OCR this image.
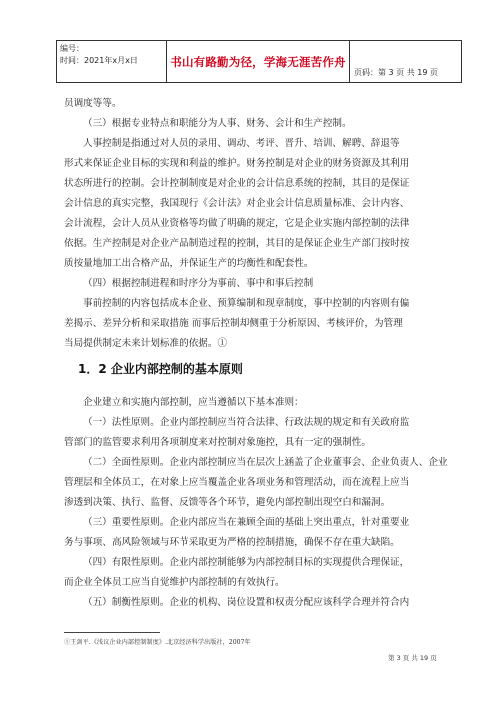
编号：
时间：2021年x月x日	书山有路勤为径，学海无涯苦作舟
页码：第 3 页 共 19 页

员调度等等。

（三）根据专业特点和职能分为人事、财务、会计和生产控制。

人事控制是指通过对人员的录用、调动、考评、晋升、培训、解聘、辞退等

形式来保证企业目标的实现和利益的维护。财务控制是对企业的财务资源及其利用

状态所进行的控制。会计控制制度是对企业的会计信息系统的控制，其目的是保证

会计信息的真实完整，我国现行《会计法》对企业会计信息质量标准、会计内容、

会计流程，会计人员从业资格等均做了明确的规定，它是企业实施内部控制的法律

依据。生产控制是对企业产品制造过程的控制，其目的是保证企业生产部门按时按

质按量地加工出合格产品，并保证生产的均衡性和配套性。

（四）根据控制进程和时序分为事前、事中和事后控制

事前控制的内容包括成本企业、预算编制和现章制度，事中控制的内容则有偏

差揭示、差异分析和采取措施 而事后控制却侧重于分析原因、考核评价，为管理

当局提供制定未来计划标准的依据。①

1．2 企业内部控制的基本原则

企业建立和实施内部控制，应当遵循以下基本准则：

（一）法性原则。企业内部控制应当符合法律、行政法规的规定和有关政府监

管部门的监管要求利用各项制度来对控制对象施控，具有一定的强制性。

（二）全面性原则。企业内部控制应当在层次上涵盖了企业董事会、企业负责人、企业

管理层和全体员工，在对象上应当覆盖企业各项业务和管理活动，而在流程上应当

渗透到决策、执行、监督、反馈等各个环节，避免内部控制出现空白和漏洞。

（三）重要性原则。企业内部应当在兼顾全面的基础上突出重点，针对重要业

务与事项、高风险领域与环节采取更为严格的控制措施，确保不存在重大缺陷。

（四）有限性原则。企业内部控制能够为内部控制目标的实现提供合理保证，

而企业全体员工应当自觉维护内部控制的有效执行。

（五）制衡性原则。企业的机构、岗位设置和权责分配应该科学合理并符合内

①王剑平.《浅议企业内部控制制度》.北京经济科学出版社，2007年
第 3 页 共 19 页
